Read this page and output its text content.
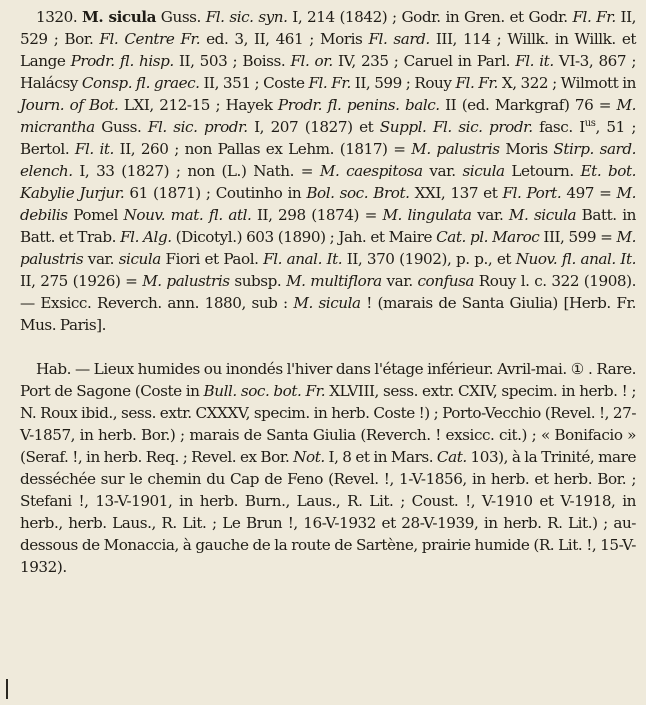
1320. M. sicula Guss. Fl. sic. syn. I, 214 (1842) ; Godr. in Gren. et Godr. Fl. Fr. II, 529 ; Bor. Fl. Centre Fr. ed. 3, II, 461 ; Moris Fl. sard. III, 114 ; Willk. in Willk. et Lange Prodr. fl. hisp. II, 503 ; Boiss. Fl. or. IV, 235 ; Caruel in Parl. Fl. it. VI-3, 867 ; Halácsy Consp. fl. graec. II, 351 ; Coste Fl. Fr. II, 599 ; Rouy Fl. Fr. X, 322 ; Wilmott in Journ. of Bot. LXI, 212-15 ; Hayek Prodr. fl. penins. balc. II (ed. Markgraf) 76 = M. micrantha Guss. Fl. sic. prodr. I, 207 (1827) et Suppl. Fl. sic. prodr. fasc. $I^{us}$, 51 ; Bertol. Fl. it. II, 260 ; non Pallas ex Lehm. (1817) = M. palustris Moris Stirp. sard. elench. I, 33 (1827) ; non (L.) Nath. = M. caespitosa var. sicula Letourn. Et. bot. Kabylie Jurjur. 61 (1871) ; Coutinho in Bol. soc. Brot. XXI, 137 et Fl. Port. 497 = M. debilis Pomel Nouv. mat. fl. atl. II, 298 (1874) = M. lingulata var. M. sicula Batt. in Batt. et Trab. Fl. Alg. (Dicotyl.) 603 (1890) ; Jah. et Maire Cat. pl. Maroc III, 599 = M. palustris var. sicula Fiori et Paol. Fl. anal. It. II, 370 (1902), p. p., et Nuov. fl. anal. It. II, 275 (1926) = M. palustris subsp. M. multiflora var. confusa Rouy l. c. 322 (1908). — Exsicc. Reverch. ann. 1880, sub : M. sicula ! (marais de Santa Giulia) [Herb. Fr. Mus. Paris].

Hab. — Lieux humides ou inondés l'hiver dans l'étage inférieur. Avril-mai. ① . Rare. Port de Sagone (Coste in Bull. soc. bot. Fr. XLVIII, sess. extr. CXIV, specim. in herb. ! ; N. Roux ibid., sess. extr. CXXXV, specim. in herb. Coste !) ; Porto-Vecchio (Revel. !, 27-V-1857, in herb. Bor.) ; marais de Santa Giulia (Reverch. ! exsicc. cit.) ; « Bonifacio » (Seraf. !, in herb. Req. ; Revel. ex Bor. Not. I, 8 et in Mars. Cat. 103), à la Trinité, mare desséchée sur le chemin du Cap de Feno (Revel. !, 1-V-1856, in herb. et herb. Bor. ; Stefani !, 13-V-1901, in herb. Burn., Laus., R. Lit. ; Coust. !, V-1910 et V-1918, in herb., herb. Laus., R. Lit. ; Le Brun !, 16-V-1932 et 28-V-1939, in herb. R. Lit.) ; au-dessous de Monaccia, à gauche de la route de Sartène, prairie humide (R. Lit. !, 15-V-1932).
